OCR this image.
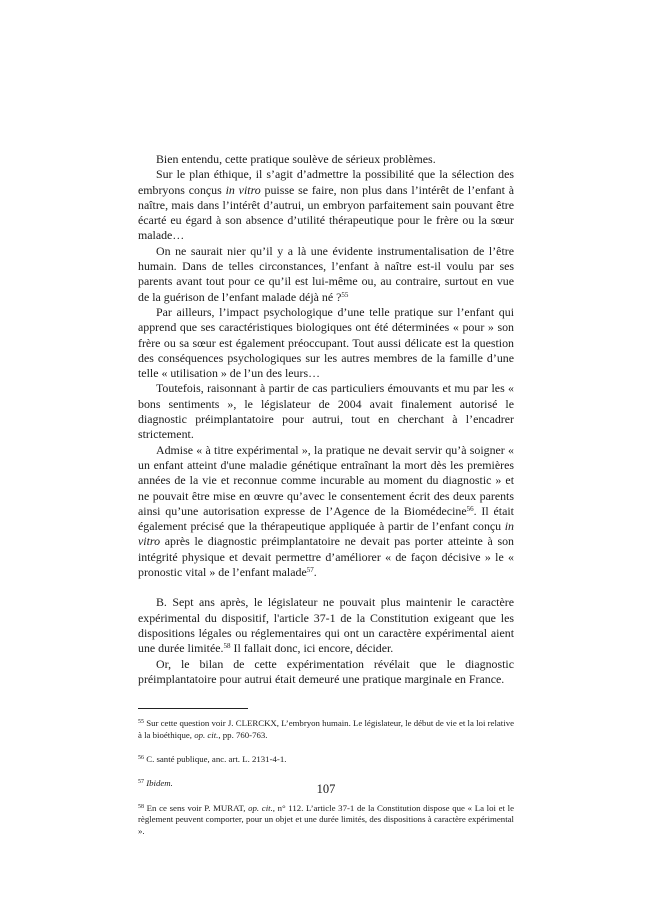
Bien entendu, cette pratique soulève de sérieux problèmes.

Sur le plan éthique, il s’agit d’admettre la possibilité que la sélection des embryons conçus in vitro puisse se faire, non plus dans l’intérêt de l’enfant à naître, mais dans l’intérêt d’autrui, un embryon parfaitement sain pouvant être écarté eu égard à son absence d’utilité thérapeutique pour le frère ou la sœur malade…

On ne saurait nier qu’il y a là une évidente instrumentalisation de l’être humain. Dans de telles circonstances, l’enfant à naître est-il voulu par ses parents avant tout pour ce qu’il est lui-même ou, au contraire, surtout en vue de la guérison de l’enfant malade déjà né ?$^{55}$

Par ailleurs, l’impact psychologique d’une telle pratique sur l’enfant qui apprend que ses caractéristiques biologiques ont été déterminées « pour » son frère ou sa sœur est également préoccupant. Tout aussi délicate est la question des conséquences psychologiques sur les autres membres de la famille d’une telle « utilisation » de l’un des leurs…

Toutefois, raisonnant à partir de cas particuliers émouvants et mu par les « bons sentiments », le législateur de 2004 avait finalement autorisé le diagnostic préimplantatoire pour autrui, tout en cherchant à l’encadrer strictement.

Admise « à titre expérimental », la pratique ne devait servir qu’à soigner « un enfant atteint d'une maladie génétique entraînant la mort dès les premières années de la vie et reconnue comme incurable au moment du diagnostic » et ne pouvait être mise en œuvre qu’avec le consentement écrit des deux parents ainsi qu’une autorisation expresse de l’Agence de la Biomédecine$^{56}$. Il était également précisé que la thérapeutique appliquée à partir de l’enfant conçu in vitro après le diagnostic préimplantatoire ne devait pas porter atteinte à son intégrité physique et devait permettre d’améliorer « de façon décisive » le « pronostic vital » de l’enfant malade$^{57}$.

B. Sept ans après, le législateur ne pouvait plus maintenir le caractère expérimental du dispositif, l'article 37-1 de la Constitution exigeant que les dispositions légales ou réglementaires qui ont un caractère expérimental aient une durée limitée.$^{58}$ Il fallait donc, ici encore, décider.

Or, le bilan de cette expérimentation révélait que le diagnostic préimplantatoire pour autrui était demeuré une pratique marginale en France.

$^{55}$ Sur cette question voir J. CLERCKX, L’embryon humain. Le législateur, le début de vie et la loi relative à la bioéthique, op. cit., pp. 760-763.

$^{56}$ C. santé publique, anc. art. L. 2131-4-1.

$^{57}$ Ibidem.

$^{58}$ En ce sens voir P. MURAT, op. cit., n° 112. L’article 37-1 de la Constitution dispose que « La loi et le règlement peuvent comporter, pour un objet et une durée limités, des dispositions à caractère expérimental ».

107
